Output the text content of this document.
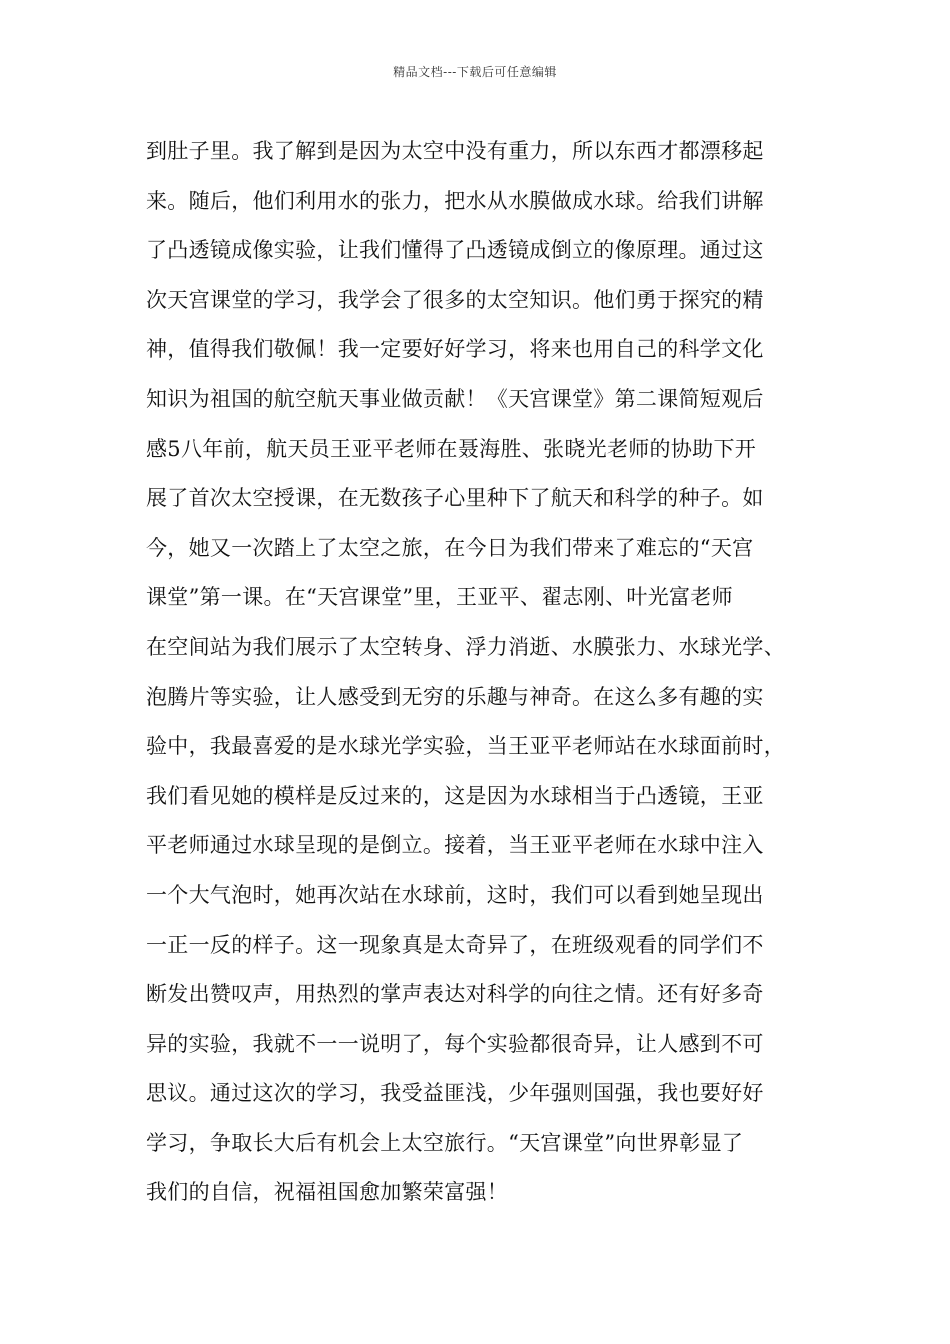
精品文档---下载后可任意编辑
到肚子里。我了解到是因为太空中没有重力，所以东西才都漂移起
来。随后，他们利用水的张力，把水从水膜做成水球。给我们讲解
了凸透镜成像实验，让我们懂得了凸透镜成倒立的像原理。通过这
次天宫课堂的学习，我学会了很多的太空知识。他们勇于探究的精
神，值得我们敬佩！我一定要好好学习，将来也用自己的科学文化
知识为祖国的航空航天事业做贡献！《天宫课堂》第二课简短观后
感5八年前，航天员王亚平老师在聂海胜、张晓光老师的协助下开
展了首次太空授课，在无数孩子心里种下了航天和科学的种子。如
今，她又一次踏上了太空之旅，在今日为我们带来了难忘的“天宫
课堂”第一课。在“天宫课堂”里，王亚平、翟志刚、叶光富老师
在空间站为我们展示了太空转身、浮力消逝、水膜张力、水球光学、
泡腾片等实验，让人感受到无穷的乐趣与神奇。在这么多有趣的实
验中，我最喜爱的是水球光学实验，当王亚平老师站在水球面前时，
我们看见她的模样是反过来的，这是因为水球相当于凸透镜，王亚
平老师通过水球呈现的是倒立。接着，当王亚平老师在水球中注入
一个大气泡时，她再次站在水球前，这时，我们可以看到她呈现出
一正一反的样子。这一现象真是太奇异了，在班级观看的同学们不
断发出赞叹声，用热烈的掌声表达对科学的向往之情。还有好多奇
异的实验，我就不一一说明了，每个实验都很奇异，让人感到不可
思议。通过这次的学习，我受益匪浅，少年强则国强，我也要好好
学习，争取长大后有机会上太空旅行。“天宫课堂”向世界彰显了
我们的自信，祝福祖国愈加繁荣富强！
